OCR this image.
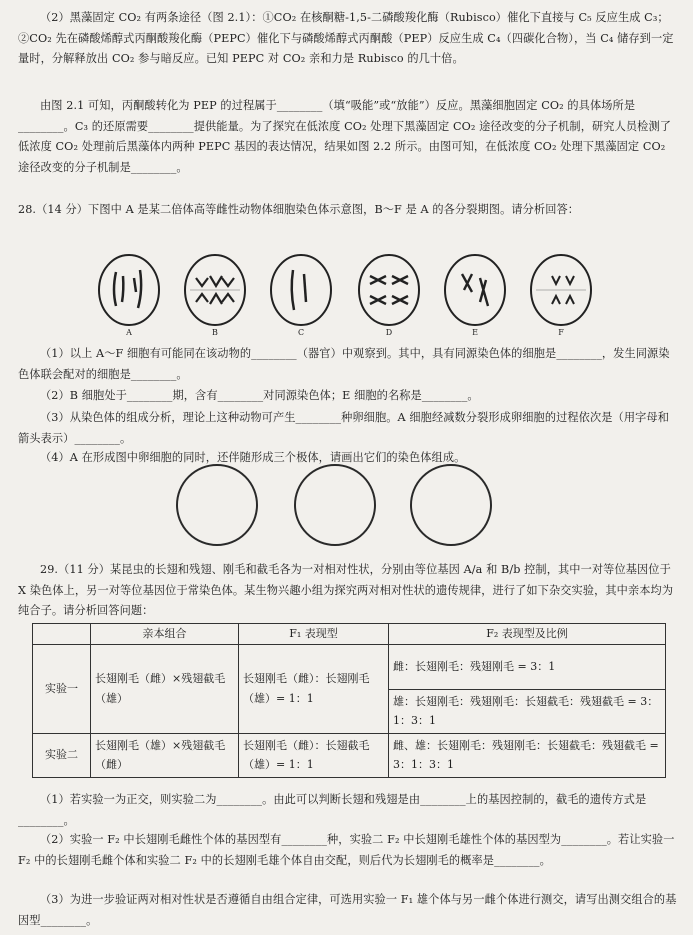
（2）黑藻固定 CO₂ 有两条途径（图 2.1）：①CO₂ 在核酮糖-1,5-二磷酸羧化酶（Rubisco）催化下直接与 C₅ 反应生成 C₃；②CO₂ 先在磷酸烯醇式丙酮酸羧化酶（PEPC）催化下与磷酸烯醇式丙酮酸（PEP）反应生成 C₄（四碳化合物），当 C₄ 储存到一定量时，分解释放出 CO₂ 参与暗反应。已知 PEPC 对 CO₂ 亲和力是 Rubisco 的几十倍。
由图 2.1 可知，丙酮酸转化为 PEP 的过程属于________（填“吸能”或“放能”）反应。黑藻细胞固定 CO₂ 的具体场所是________。C₃ 的还原需要________提供能量。为了探究在低浓度 CO₂ 处理下黑藻固定 CO₂ 途径改变的分子机制，研究人员检测了低浓度 CO₂ 处理前后黑藻体内两种 PEPC 基因的表达情况，结果如图 2.2 所示。由图可知，在低浓度 CO₂ 处理下黑藻固定 CO₂ 途径改变的分子机制是________。
28.（14 分）下图中 A 是某二倍体高等雌性动物体细胞染色体示意图，B～F 是 A 的各分裂期图。请分析回答：
A	B	C	D	E	F
（1）以上 A～F 细胞有可能同在该动物的________（器官）中观察到。其中，具有同源染色体的细胞是________，发生同源染色体联会配对的细胞是________。
（2）B 细胞处于________期，含有________对同源染色体；E 细胞的名称是________。
（3）从染色体的组成分析，理论上这种动物可产生________种卵细胞。A 细胞经减数分裂形成卵细胞的过程依次是（用字母和箭头表示）________。
（4）A 在形成图中卵细胞的同时，还伴随形成三个极体，请画出它们的染色体组成。
29.（11 分）某昆虫的长翅和残翅、刚毛和截毛各为一对相对性状，分别由等位基因 A/a 和 B/b 控制，其中一对等位基因位于 X 染色体上，另一对等位基因位于常染色体。某生物兴趣小组为探究两对相对性状的遗传规律，进行了如下杂交实验，其中亲本均为纯合子。请分析回答问题：
	亲本组合	F₁ 表现型	F₂ 表现型及比例
实验一	长翅刚毛（雌）×残翅截毛（雄）	长翅刚毛（雌）：长翅刚毛（雄）= 1：1	雌：长翅刚毛：残翅刚毛 = 3：1
			雄：长翅刚毛：残翅刚毛：长翅截毛：残翅截毛 = 3：1：3：1
实验二	长翅刚毛（雄）×残翅截毛（雌）	长翅刚毛（雌）：长翅截毛（雄）= 1：1	雌、雄：长翅刚毛：残翅刚毛：长翅截毛：残翅截毛 = 3：1：3：1
（1）若实验一为正交，则实验二为________。由此可以判断长翅和残翅是由________上的基因控制的，截毛的遗传方式是________。
（2）实验一 F₂ 中长翅刚毛雌性个体的基因型有________种，实验二 F₂ 中长翅刚毛雄性个体的基因型为________。若让实验一 F₂ 中的长翅刚毛雌个体和实验二 F₂ 中的长翅刚毛雄个体自由交配，则后代为长翅刚毛的概率是________。
（3）为进一步验证两对相对性状是否遵循自由组合定律，可选用实验一 F₁ 雄个体与另一雌个体进行测交，请写出测交组合的基因型________。
